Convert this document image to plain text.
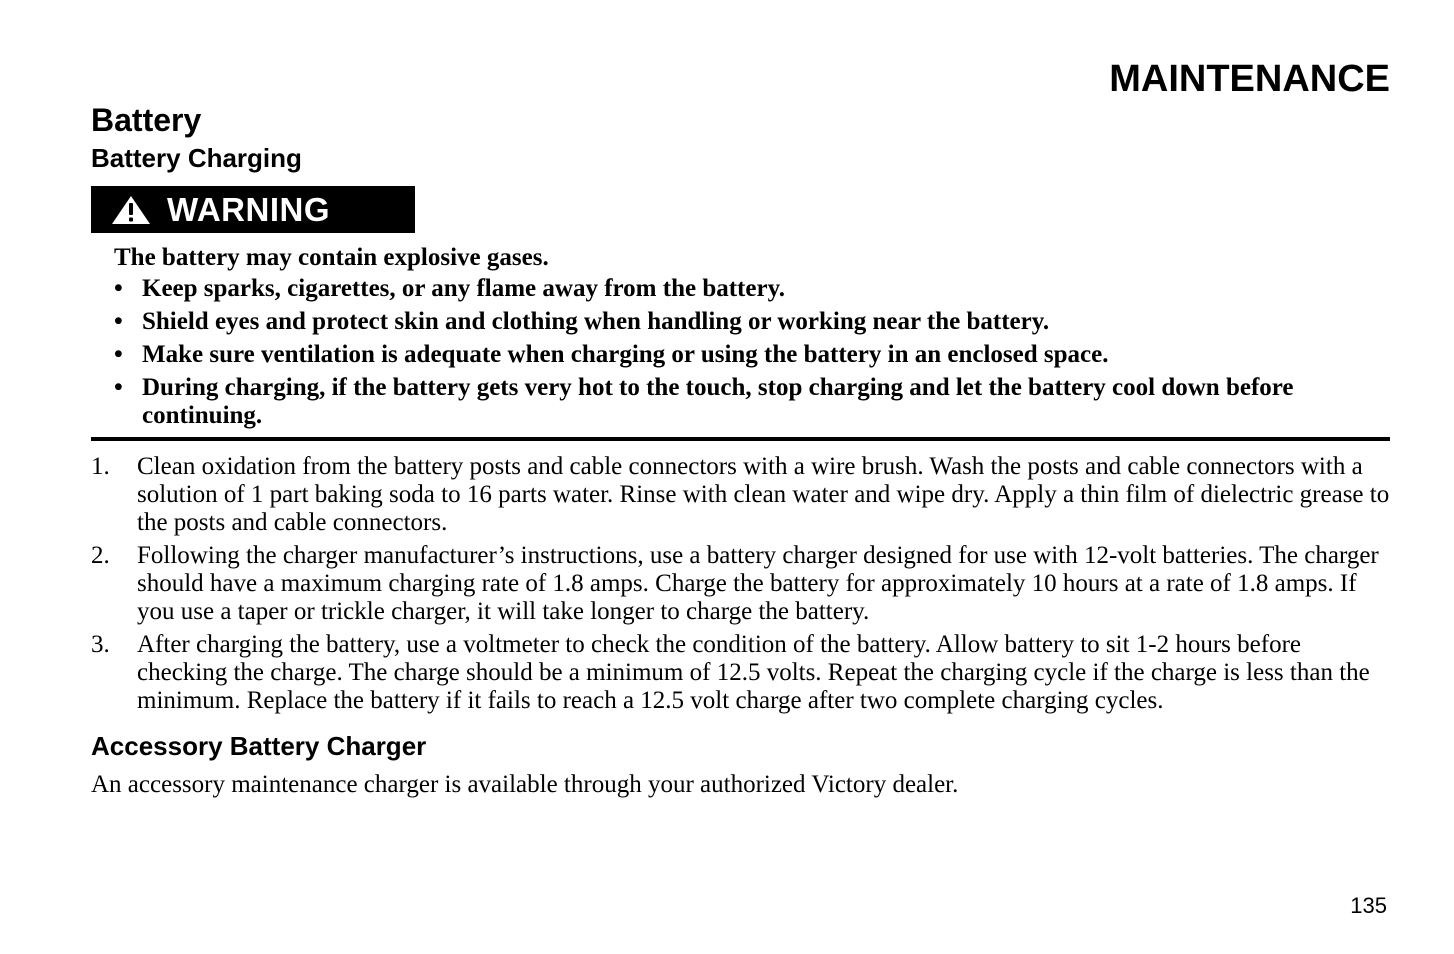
MAINTENANCE
Battery
Battery Charging
WARNING

The battery may contain explosive gases.

• Keep sparks, cigarettes, or any flame away from the battery.
• Shield eyes and protect skin and clothing when handling or working near the battery.
• Make sure ventilation is adequate when charging or using the battery in an enclosed space.
• During charging, if the battery gets very hot to the touch, stop charging and let the battery cool down before continuing.
1. Clean oxidation from the battery posts and cable connectors with a wire brush. Wash the posts and cable connectors with a solution of 1 part baking soda to 16 parts water. Rinse with clean water and wipe dry. Apply a thin film of dielectric grease to the posts and cable connectors.
2. Following the charger manufacturer’s instructions, use a battery charger designed for use with 12-volt batteries. The charger should have a maximum charging rate of 1.8 amps. Charge the battery for approximately 10 hours at a rate of 1.8 amps. If you use a taper or trickle charger, it will take longer to charge the battery.
3. After charging the battery, use a voltmeter to check the condition of the battery. Allow battery to sit 1-2 hours before checking the charge. The charge should be a minimum of 12.5 volts. Repeat the charging cycle if the charge is less than the minimum. Replace the battery if it fails to reach a 12.5 volt charge after two complete charging cycles.
Accessory Battery Charger

An accessory maintenance charger is available through your authorized Victory dealer.

135
